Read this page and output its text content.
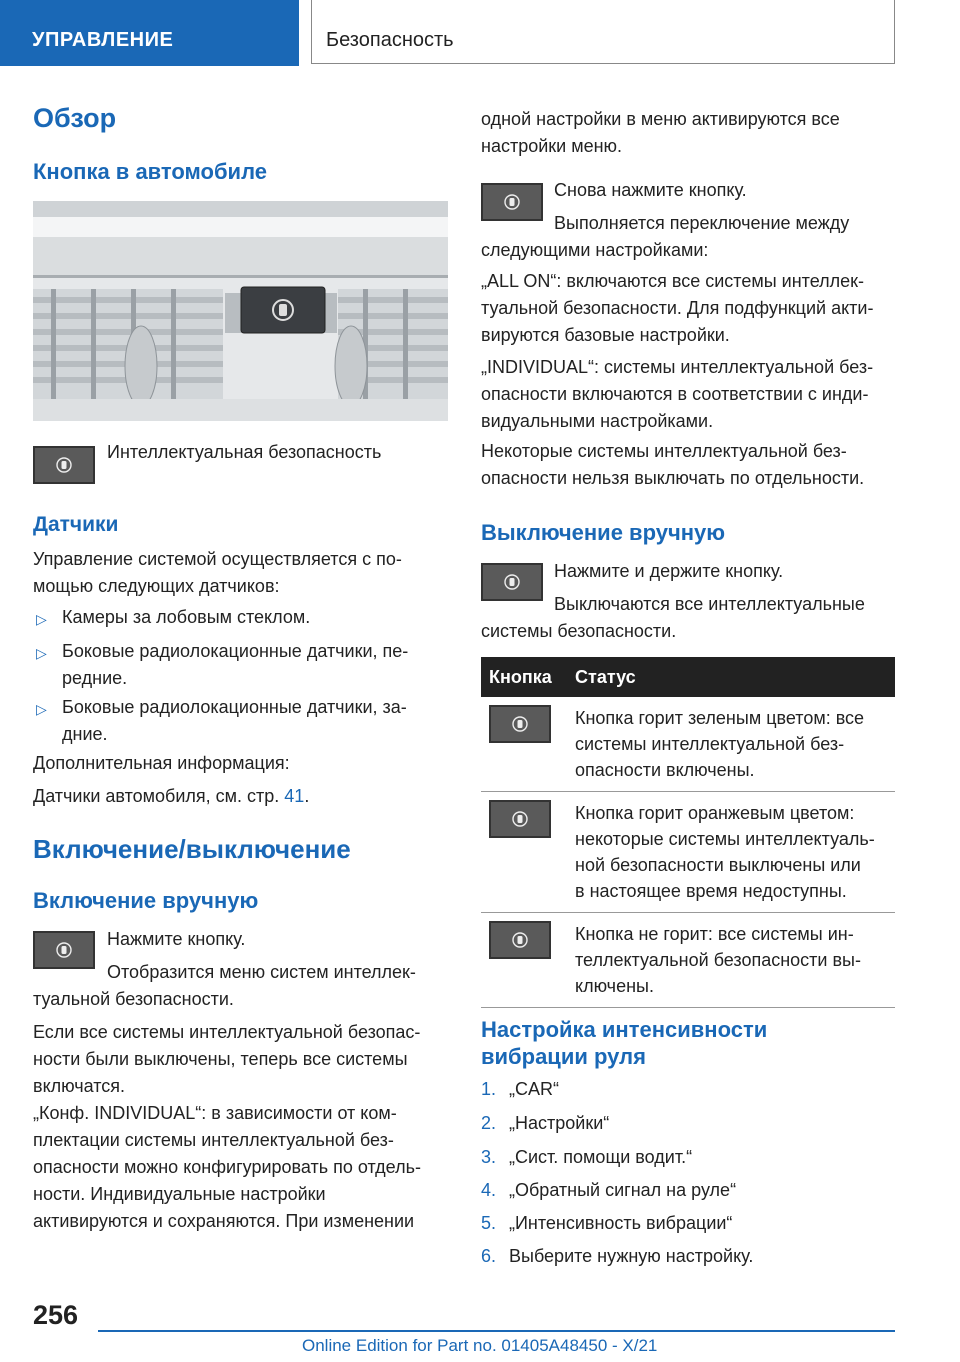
УПРАВЛЕНИЕ	Безопасность
Обзор
Кнопка в автомобиле
Интеллектуальная безопасность
Датчики
Управление системой осуществляется с по-
мощью следующих датчиков:
▷ Камеры за лобовым стеклом.
▷ Боковые радиолокационные датчики, пе-
редние.
▷ Боковые радиолокационные датчики, за-
дние.
Дополнительная информация:
Датчики автомобиля, см. стр. 41.
Включение/выключение
Включение вручную
Нажмите кнопку.
Отобразится меню систем интеллек-
туальной безопасности.
Если все системы интеллектуальной безопас-
ности были выключены, теперь все системы
включатся.
„Конф. INDIVIDUAL“: в зависимости от ком-
плектации системы интеллектуальной без-
опасности можно конфигурировать по отдель-
ности. Индивидуальные настройки
активируются и сохраняются. При изменении
одной настройки в меню активируются все
настройки меню.
Снова нажмите кнопку.
Выполняется переключение между
следующими настройками:
„ALL ON“: включаются все системы интеллек-
туальной безопасности. Для подфункций акти-
вируются базовые настройки.
„INDIVIDUAL“: системы интеллектуальной без-
опасности включаются в соответствии с инди-
видуальными настройками.
Некоторые системы интеллектуальной без-
опасности нельзя выключать по отдельности.
Выключение вручную
Нажмите и держите кнопку.
Выключаются все интеллектуальные
системы безопасности.
Кнопка	Статус

Кнопка горит зеленым цветом: все
системы интеллектуальной без-
опасности включены.

Кнопка горит оранжевым цветом:
некоторые системы интеллектуаль-
ной безопасности выключены или
в настоящее время недоступны.

Кнопка не горит: все системы ин-
теллектуальной безопасности вы-
ключены.
Настройка интенсивности
вибрации руля
1. „CAR“
2. „Настройки“
3. „Сист. помощи водит.“
4. „Обратный сигнал на руле“
5. „Интенсивность вибрации“
6. Выберите нужную настройку.
256
Online Edition for Part no. 01405A48450 - X/21
